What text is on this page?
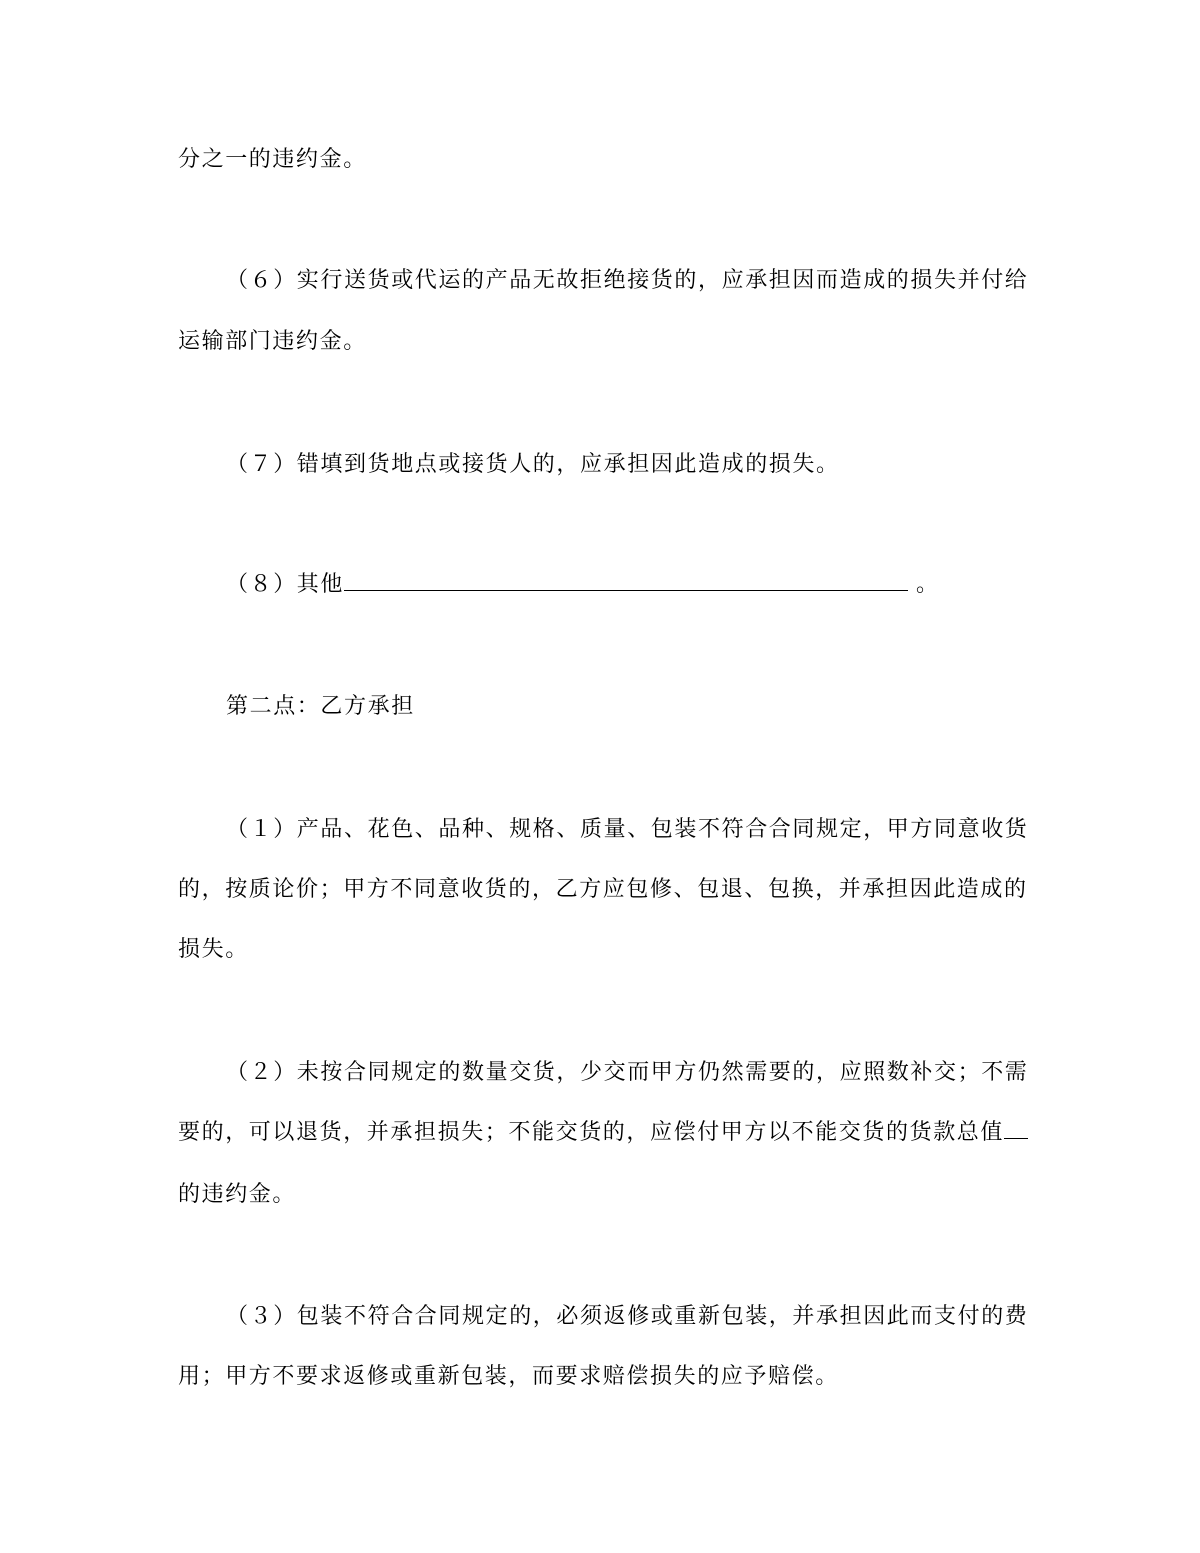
分之一的违约金。
（６）实行送货或代运的产品无故拒绝接货的，应承担因而造成的损失并付给
运输部门违约金。
（７）错填到货地点或接货人的，应承担因此造成的损失。
（８）其他	。
第二点：乙方承担
（１）产品、花色、品种、规格、质量、包装不符合合同规定，甲方同意收货
的，按质论价；甲方不同意收货的，乙方应包修、包退、包换，并承担因此造成的
损失。
（２）未按合同规定的数量交货，少交而甲方仍然需要的，应照数补交；不需
要的，可以退货，并承担损失；不能交货的，应偿付甲方以不能交货的货款总值
的违约金。
（３）包装不符合合同规定的，必须返修或重新包装，并承担因此而支付的费
用；甲方不要求返修或重新包装，而要求赔偿损失的应予赔偿。
